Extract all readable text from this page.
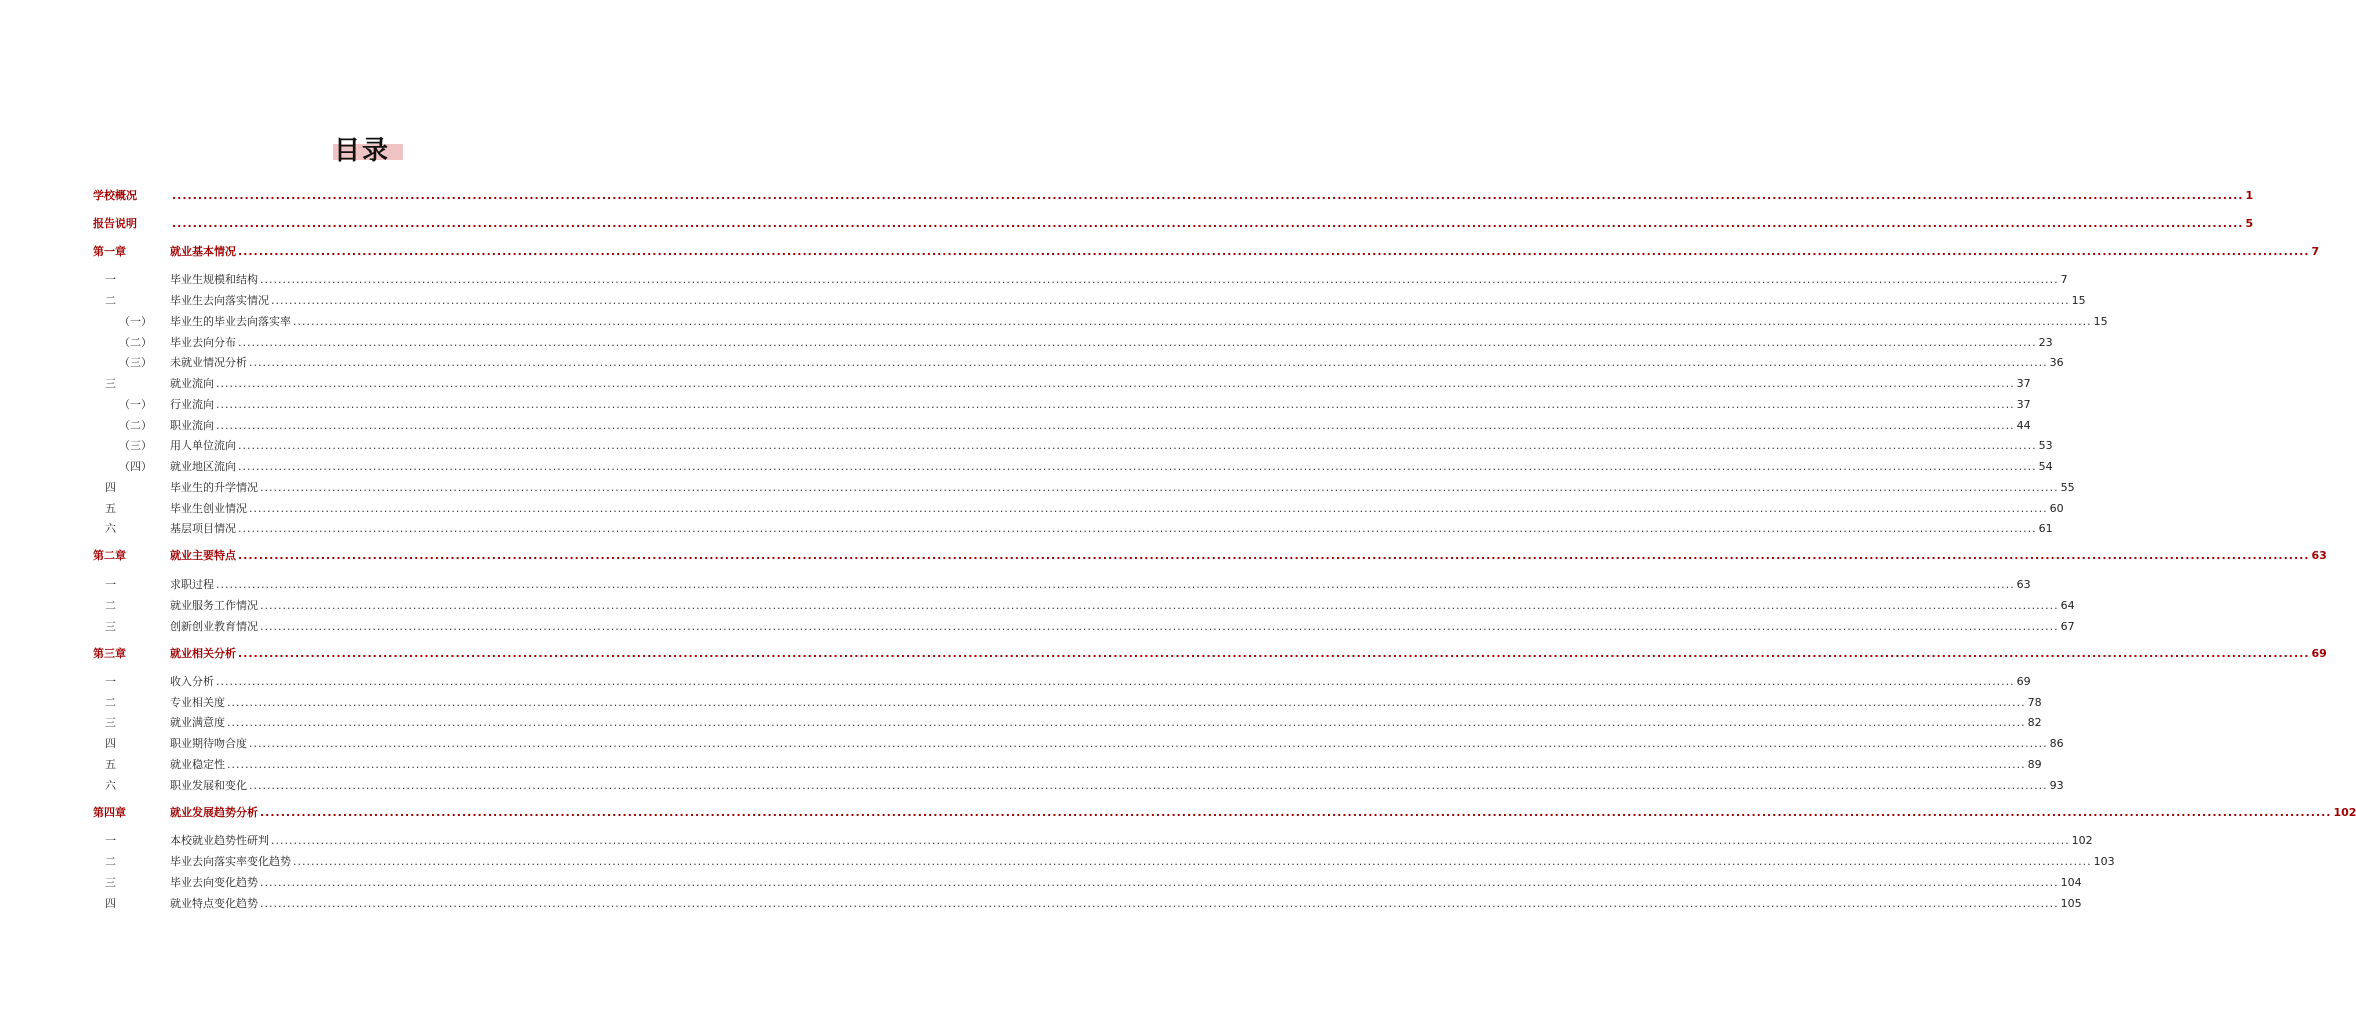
目录
学校概况	................................................................................................................................................................................................................................................................................................................................................................................................................ 1
报告说明	................................................................................................................................................................................................................................................................................................................................................................................................................ 5
第一章	就业基本情况 ................................................................................................................................................................................................................................................................................................................................................................................................................ 7
一	毕业生规模和结构 ................................................................................................................................................................................................................................................................................................................................................................................................................ 7
二	毕业生去向落实情况 ................................................................................................................................................................................................................................................................................................................................................................................................................ 15
（一）	毕业生的毕业去向落实率 ................................................................................................................................................................................................................................................................................................................................................................................................................ 15
（二）	毕业去向分布 ................................................................................................................................................................................................................................................................................................................................................................................................................ 23
（三）	未就业情况分析 ................................................................................................................................................................................................................................................................................................................................................................................................................ 36
三	就业流向 ................................................................................................................................................................................................................................................................................................................................................................................................................ 37
（一）	行业流向 ................................................................................................................................................................................................................................................................................................................................................................................................................ 37
（二）	职业流向 ................................................................................................................................................................................................................................................................................................................................................................................................................ 44
（三）	用人单位流向 ................................................................................................................................................................................................................................................................................................................................................................................................................ 53
（四）	就业地区流向 ................................................................................................................................................................................................................................................................................................................................................................................................................ 54
四	毕业生的升学情况 ................................................................................................................................................................................................................................................................................................................................................................................................................ 55
五	毕业生创业情况 ................................................................................................................................................................................................................................................................................................................................................................................................................ 60
六	基层项目情况 ................................................................................................................................................................................................................................................................................................................................................................................................................ 61
第二章	就业主要特点 ................................................................................................................................................................................................................................................................................................................................................................................................................ 63
一	求职过程 ................................................................................................................................................................................................................................................................................................................................................................................................................ 63
二	就业服务工作情况 ................................................................................................................................................................................................................................................................................................................................................................................................................ 64
三	创新创业教育情况 ................................................................................................................................................................................................................................................................................................................................................................................................................ 67
第三章	就业相关分析 ................................................................................................................................................................................................................................................................................................................................................................................................................ 69
一	收入分析 ................................................................................................................................................................................................................................................................................................................................................................................................................ 69
二	专业相关度 ................................................................................................................................................................................................................................................................................................................................................................................................................ 78
三	就业满意度 ................................................................................................................................................................................................................................................................................................................................................................................................................ 82
四	职业期待吻合度 ................................................................................................................................................................................................................................................................................................................................................................................................................ 86
五	就业稳定性 ................................................................................................................................................................................................................................................................................................................................................................................................................ 89
六	职业发展和变化 ................................................................................................................................................................................................................................................................................................................................................................................................................ 93
第四章	就业发展趋势分析 ................................................................................................................................................................................................................................................................................................................................................................................................................ 102
一	本校就业趋势性研判 ................................................................................................................................................................................................................................................................................................................................................................................................................ 102
二	毕业去向落实率变化趋势 ................................................................................................................................................................................................................................................................................................................................................................................................................ 103
三	毕业去向变化趋势 ................................................................................................................................................................................................................................................................................................................................................................................................................ 104
四	就业特点变化趋势 ................................................................................................................................................................................................................................................................................................................................................................................................................ 105
